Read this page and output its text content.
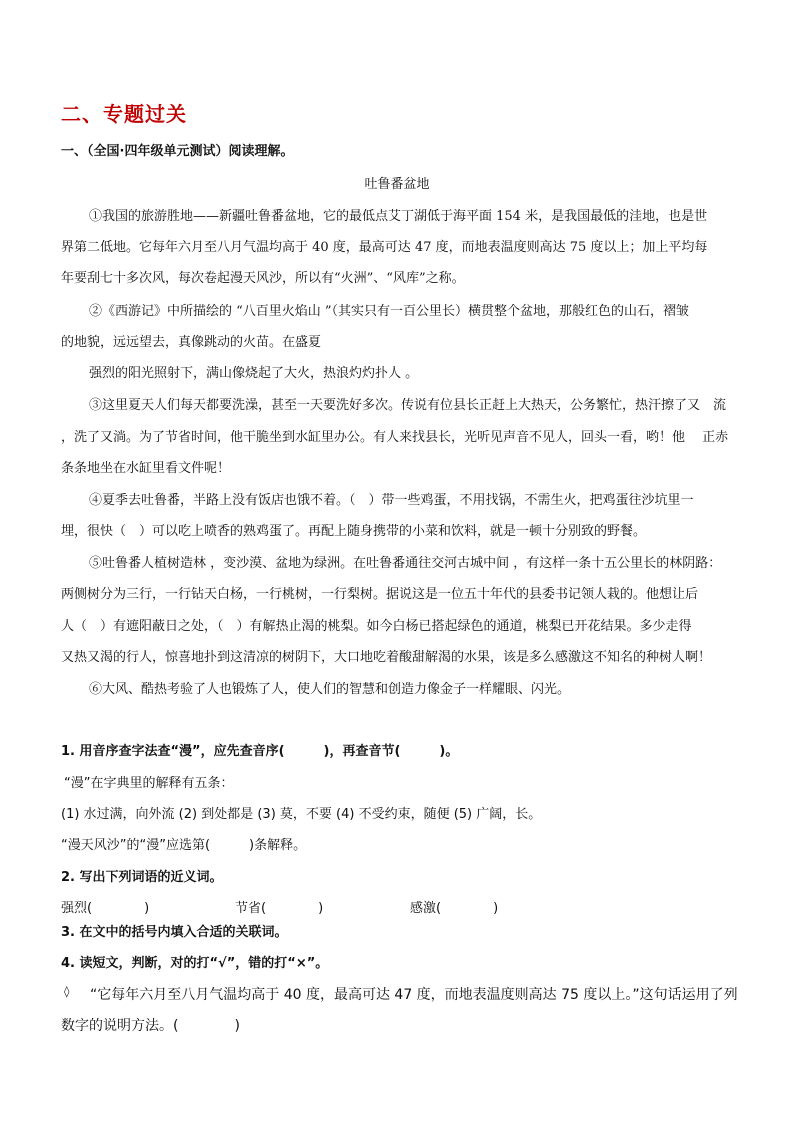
二、专题过关
一、（全国·四年级单元测试）阅读理解。
吐鲁番盆地
①我国的旅游胜地——新疆吐鲁番盆地，它的最低点艾丁湖低于海平面 154 米，是我国最低的洼地，也是世
界第二低地。它每年六月至八月气温均高于 40 度，最高可达 47 度，而地表温度则高达 75 度以上；加上平均每
年要刮七十多次风，每次卷起漫天风沙，所以有“火洲”、“风库”之称。
②《西游记》中所描绘的 “八百里火焰山 ”（其实只有一百公里长）横贯整个盆地，那般红色的山石，褶皱
的地貌，远远望去，真像跳动的火苗。在盛夏
强烈的阳光照射下，满山像烧起了大火，热浪灼灼扑人 。
③这里夏天人们每天都要洗澡，甚至一天要洗好多次。传说有位县长正赶上大热天，公务繁忙，热汗擦了又　流
，洗了又淌。为了节省时间，他干脆坐到水缸里办公。有人来找县长，光听见声音不见人，回头一看，哟！他　 正赤
条条地坐在水缸里看文件呢！
④夏季去吐鲁番，半路上没有饭店也饿不着。（　）带一些鸡蛋，不用找锅，不需生火，把鸡蛋往沙坑里一
埋，很快（　）可以吃上喷香的熟鸡蛋了。再配上随身携带的小菜和饮料，就是一顿十分别致的野餐。
⑤吐鲁番人植树造林 ，变沙漠、盆地为绿洲。在吐鲁番通往交河古城中间 ，有这样一条十五公里长的林阴路：
两侧树分为三行，一行钻天白杨，一行桃树，一行梨树。据说这是一位五十年代的县委书记领人栽的。他想让后
人（　）有遮阳蔽日之处，（　）有解热止渴的桃梨。如今白杨已搭起绿色的通道，桃梨已开花结果。多少走得
又热又渴的行人，惊喜地扑到这清凉的树阴下，大口地吃着酸甜解渴的水果，该是多么感激这不知名的种树人啊！
⑥大风、酷热考验了人也锻炼了人，使人们的智慧和创造力像金子一样耀眼、闪光。
1. 用音序查字法查“漫”，应先查音序(　　　)，再查音节(　　　)。
“漫”在字典里的解释有五条：
(1) 水过满，向外流 (2) 到处都是 (3) 莫，不要 (4) 不受约束，随便 (5) 广阔，长。
“漫天风沙”的“漫”应选第(　　　)条解释。
2. 写出下列词语的近义词。
强烈(　　　　)	节省(　　　　)	感激(　　　　)
3. 在文中的括号内填入合适的关联词。
4. 读短文，判断，对的打“√”，错的打“×”。
◊ “它每年六月至八月气温均高于 40 度，最高可达 47 度，而地表温度则高达 75 度以上。”这句话运用了列
数字的说明方法。(　　　　)
